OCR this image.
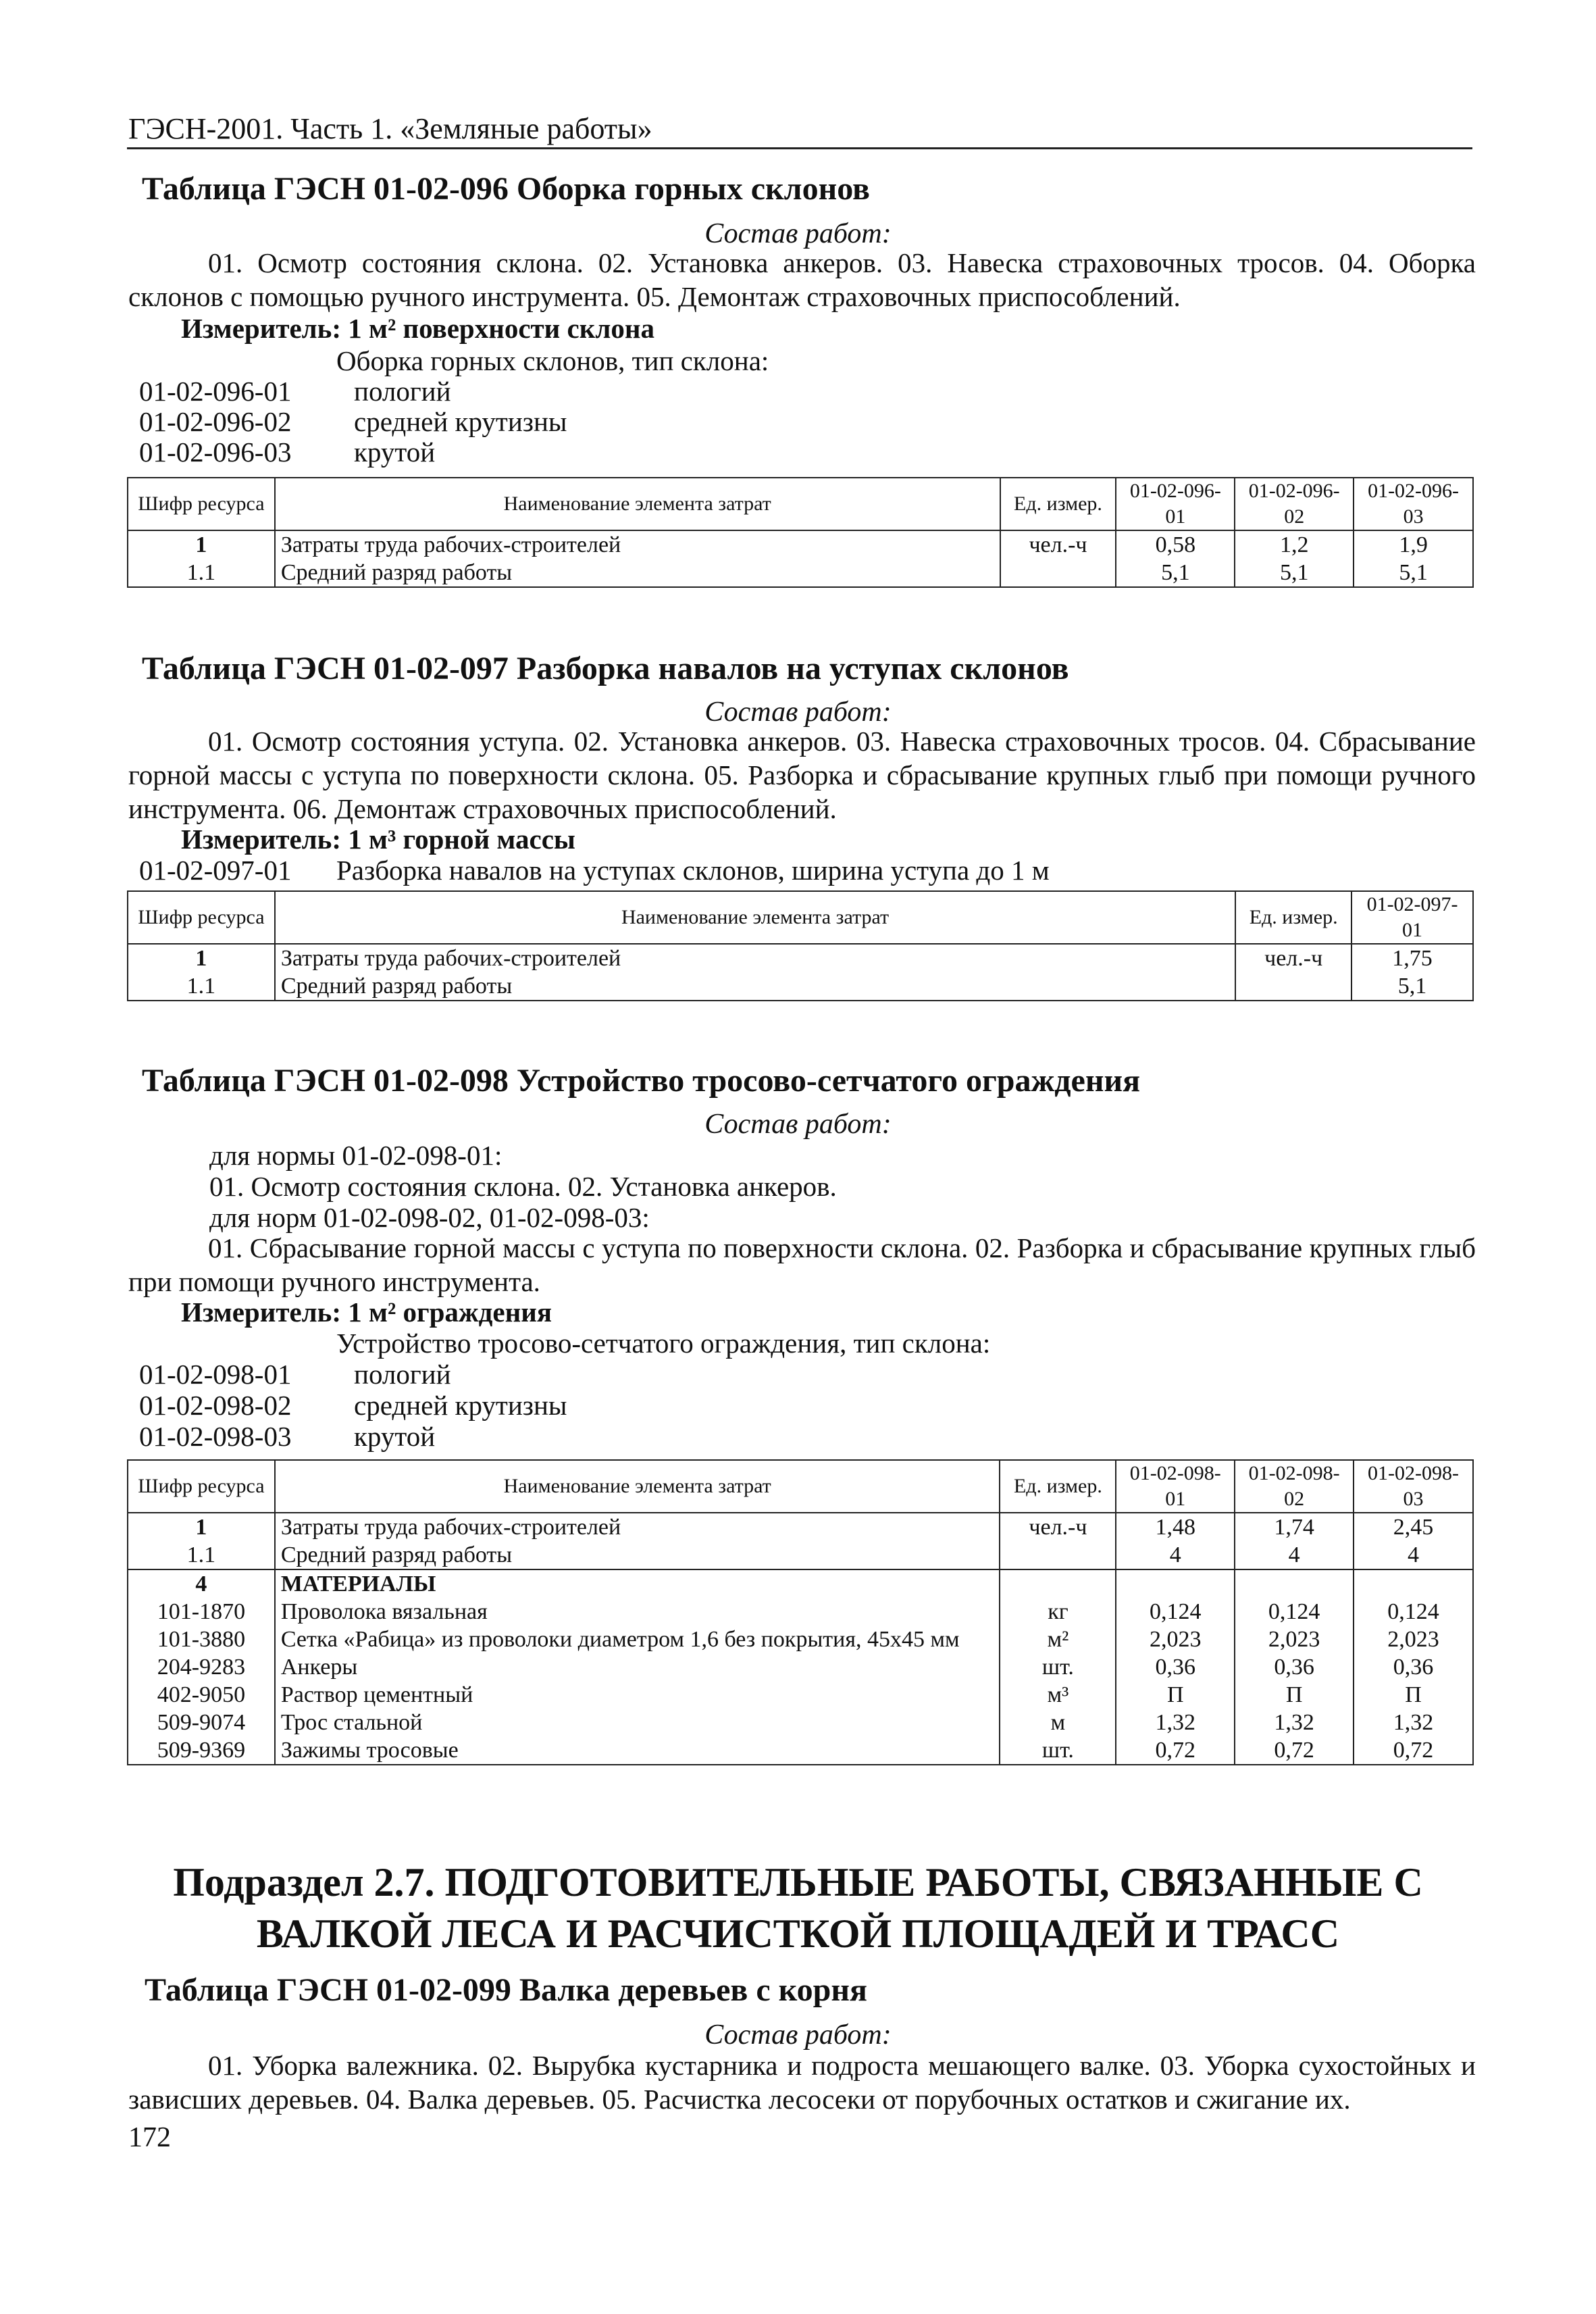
ГЭСН-2001. Часть 1. «Земляные работы»
Таблица ГЭСН 01-02-096 Оборка горных склонов
Состав работ:
01. Осмотр состояния склона. 02. Установка анкеров. 03. Навеска страховочных тросов. 04. Оборка склонов с помощью ручного инструмента. 05. Демонтаж страховочных приспособлений.
Измеритель: 1 м² поверхности склона
Оборка горных склонов, тип склона:
01-02-096-01 пологий
01-02-096-02 средней крутизны
01-02-096-03 крутой
Шифр ресурса	Наименование элемента затрат	Ед. измер.	01-02-096-01	01-02-096-02	01-02-096-03
1	Затраты труда рабочих-строителей	чел.-ч	0,58	1,2	1,9
1.1	Средний разряд работы		5,1	5,1	5,1
Таблица ГЭСН 01-02-097 Разборка навалов на уступах склонов
Состав работ:
01. Осмотр состояния уступа. 02. Установка анкеров. 03. Навеска страховочных тросов. 04. Сбрасывание горной массы с уступа по поверхности склона. 05. Разборка и сбрасывание крупных глыб при помощи ручного инструмента. 06. Демонтаж страховочных приспособлений.
Измеритель: 1 м³ горной массы
01-02-097-01 Разборка навалов на уступах склонов, ширина уступа до 1 м
Шифр ресурса	Наименование элемента затрат	Ед. измер.	01-02-097-01
1	Затраты труда рабочих-строителей	чел.-ч	1,75
1.1	Средний разряд работы		5,1
Таблица ГЭСН 01-02-098 Устройство тросово-сетчатого ограждения
Состав работ:
для нормы 01-02-098-01:
01. Осмотр состояния склона. 02. Установка анкеров.
для норм 01-02-098-02, 01-02-098-03:
01. Сбрасывание горной массы с уступа по поверхности склона. 02. Разборка и сбрасывание крупных глыб при помощи ручного инструмента.
Измеритель: 1 м² ограждения
Устройство тросово-сетчатого ограждения, тип склона:
01-02-098-01 пологий
01-02-098-02 средней крутизны
01-02-098-03 крутой
Шифр ресурса	Наименование элемента затрат	Ед. измер.	01-02-098-01	01-02-098-02	01-02-098-03
1	Затраты труда рабочих-строителей	чел.-ч	1,48	1,74	2,45
1.1	Средний разряд работы		4	4	4
4	МАТЕРИАЛЫ				
101-1870	Проволока вязальная	кг	0,124	0,124	0,124
101-3880	Сетка «Рабица» из проволоки диаметром 1,6 без покрытия, 45х45 мм	м²	2,023	2,023	2,023
204-9283	Анкеры	шт.	0,36	0,36	0,36
402-9050	Раствор цементный	м³	П	П	П
509-9074	Трос стальной	м	1,32	1,32	1,32
509-9369	Зажимы тросовые	шт.	0,72	0,72	0,72
Подраздел 2.7. ПОДГОТОВИТЕЛЬНЫЕ РАБОТЫ, СВЯЗАННЫЕ С
ВАЛКОЙ ЛЕСА И РАСЧИСТКОЙ ПЛОЩАДЕЙ И ТРАСС
Таблица ГЭСН 01-02-099 Валка деревьев с корня
Состав работ:
01. Уборка валежника. 02. Вырубка кустарника и подроста мешающего валке. 03. Уборка сухостойных и зависших деревьев. 04. Валка деревьев. 05. Расчистка лесосеки от порубочных остатков и сжигание их.
172
